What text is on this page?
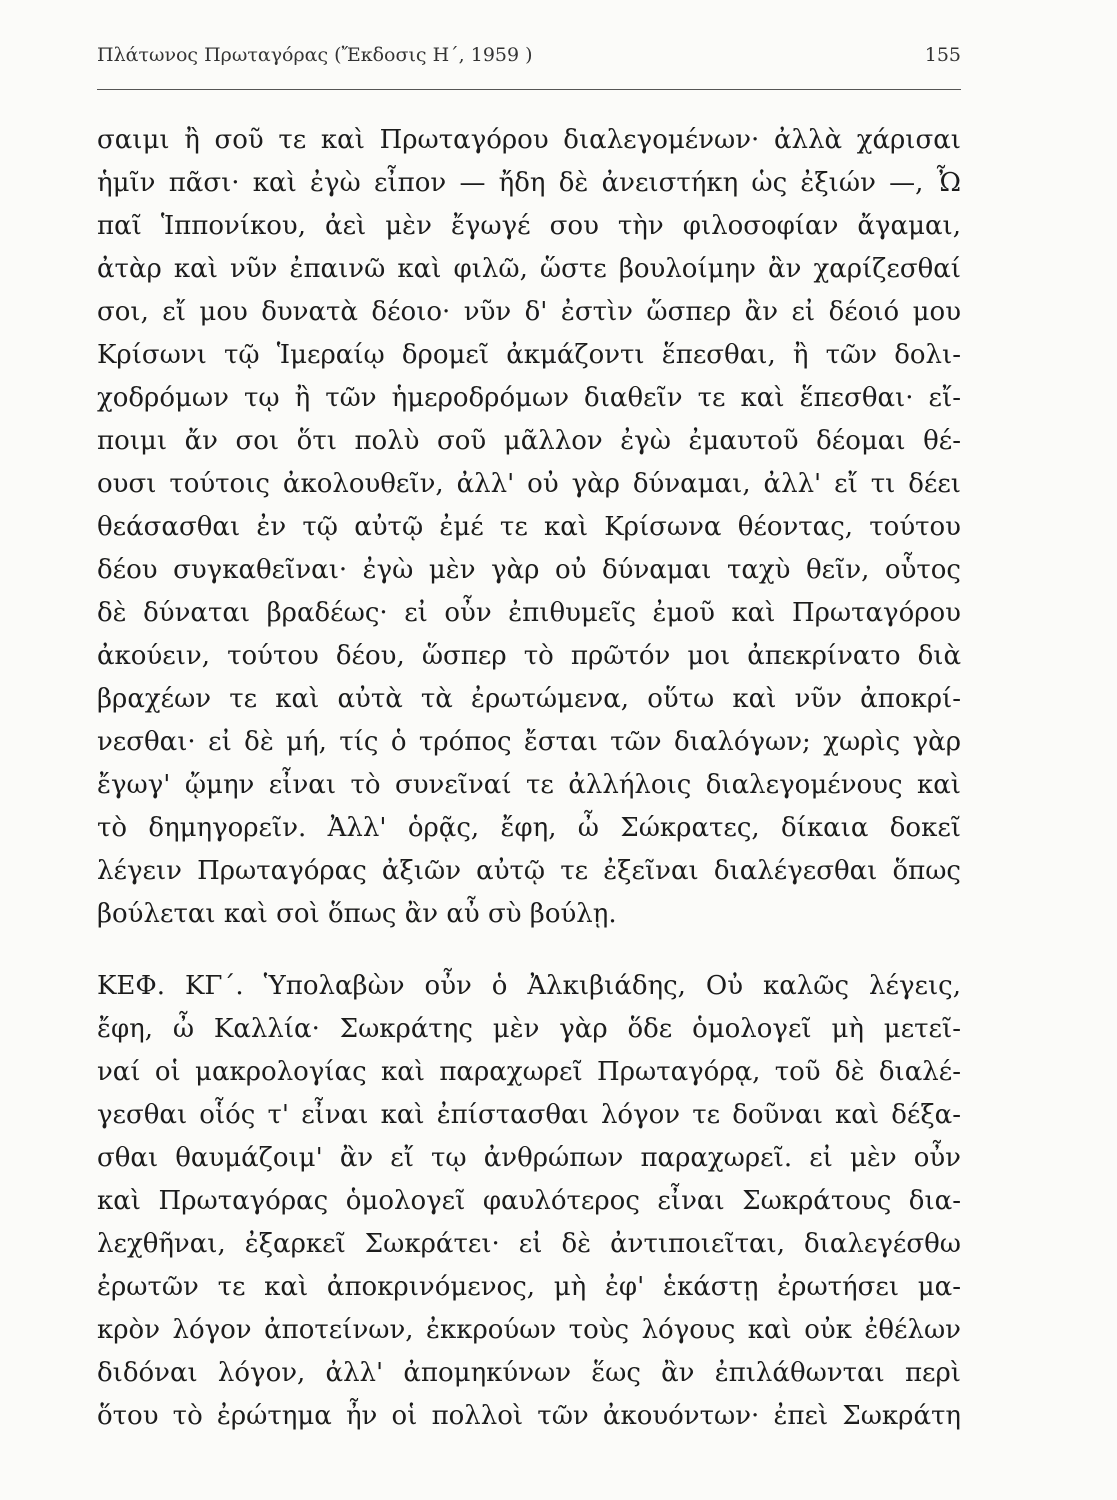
Πλάτωνος Πρωταγόρας (Ἔκδοσις Η΄, 1959 )	155
σαιμι ἢ σοῦ τε καὶ Πρωταγόρου διαλεγομένων· ἀλλὰ χάρισαι
ἡμῖν πᾶσι· καὶ ἐγὼ εἶπον — ἤδη δὲ ἀνειστήκη ὡς ἐξιών —, Ὦ
παῖ Ἱππονίκου, ἀεὶ μὲν ἔγωγέ σου τὴν φιλοσοφίαν ἄγαμαι,
ἀτὰρ καὶ νῦν ἐπαινῶ καὶ φιλῶ, ὥστε βουλοίμην ἂν χαρίζεσθαί
σοι, εἴ μου δυνατὰ δέοιο· νῦν δ' ἐστὶν ὥσπερ ἂν εἰ δέοιό μου
Κρίσωνι τῷ Ἱμεραίῳ δρομεῖ ἀκμάζοντι ἕπεσθαι, ἢ τῶν δολι-
χοδρόμων τῳ ἢ τῶν ἡμεροδρόμων διαθεῖν τε καὶ ἕπεσθαι· εἴ-
ποιμι ἄν σοι ὅτι πολὺ σοῦ μᾶλλον ἐγὼ ἐμαυτοῦ δέομαι θέ-
ουσι τούτοις ἀκολουθεῖν, ἀλλ' οὐ γὰρ δύναμαι, ἀλλ' εἴ τι δέει
θεάσασθαι ἐν τῷ αὐτῷ ἐμέ τε καὶ Κρίσωνα θέοντας, τούτου
δέου συγκαθεῖναι· ἐγὼ μὲν γὰρ οὐ δύναμαι ταχὺ θεῖν, οὗτος
δὲ δύναται βραδέως· εἰ οὖν ἐπιθυμεῖς ἐμοῦ καὶ Πρωταγόρου
ἀκούειν, τούτου δέου, ὥσπερ τὸ πρῶτόν μοι ἀπεκρίνατο διὰ
βραχέων τε καὶ αὐτὰ τὰ ἐρωτώμενα, οὕτω καὶ νῦν ἀποκρί-
νεσθαι· εἰ δὲ μή, τίς ὁ τρόπος ἔσται τῶν διαλόγων; χωρὶς γὰρ
ἔγωγ' ᾤμην εἶναι τὸ συνεῖναί τε ἀλλήλοις διαλεγομένους καὶ
τὸ δημηγορεῖν. Ἀλλ' ὁρᾷς, ἔφη, ὦ Σώκρατες, δίκαια δοκεῖ
λέγειν Πρωταγόρας ἀξιῶν αὐτῷ τε ἐξεῖναι διαλέγεσθαι ὅπως
βούλεται καὶ σοὶ ὅπως ἂν αὖ σὺ βούλῃ.
ΚΕΦ. ΚΓ΄. Ὑπολαβὼν οὖν ὁ Ἀλκιβιάδης, Οὐ καλῶς λέγεις,
ἔφη, ὦ Καλλία· Σωκράτης μὲν γὰρ ὅδε ὁμολογεῖ μὴ μετεῖ-
ναί οἱ μακρολογίας καὶ παραχωρεῖ Πρωταγόρᾳ, τοῦ δὲ διαλέ-
γεσθαι οἷός τ' εἶναι καὶ ἐπίστασθαι λόγον τε δοῦναι καὶ δέξα-
σθαι θαυμάζοιμ' ἂν εἴ τῳ ἀνθρώπων παραχωρεῖ. εἰ μὲν οὖν
καὶ Πρωταγόρας ὁμολογεῖ φαυλότερος εἶναι Σωκράτους δια-
λεχθῆναι, ἐξαρκεῖ Σωκράτει· εἰ δὲ ἀντιποιεῖται, διαλεγέσθω
ἐρωτῶν τε καὶ ἀποκρινόμενος, μὴ ἐφ' ἑκάστῃ ἐρωτήσει μα-
κρὸν λόγον ἀποτείνων, ἐκκρούων τοὺς λόγους καὶ οὐκ ἐθέλων
διδόναι λόγον, ἀλλ' ἀπομηκύνων ἕως ἂν ἐπιλάθωνται περὶ
ὅτου τὸ ἐρώτημα ἦν οἱ πολλοὶ τῶν ἀκουόντων· ἐπεὶ Σωκράτη
